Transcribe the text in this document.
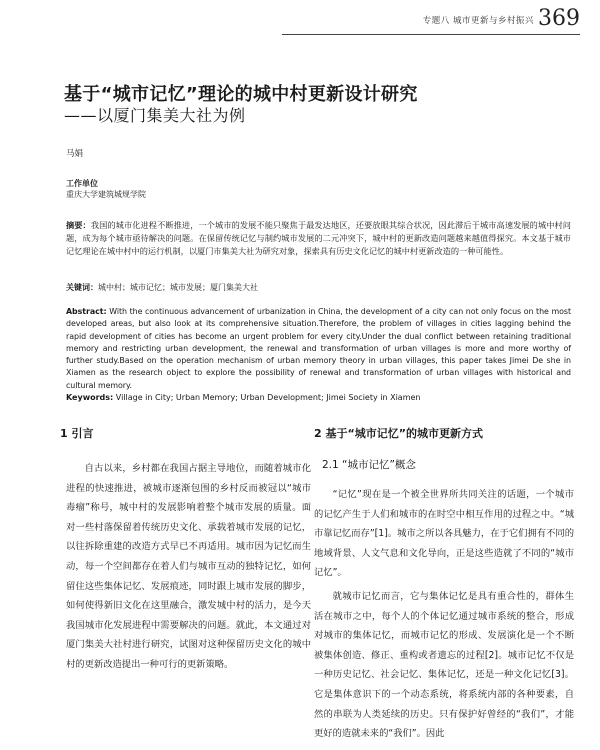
专题八 城市更新与乡村振兴 369
基于“城市记忆”理论的城中村更新设计研究
——以厦门集美大社为例
马娟
工作单位
重庆大学建筑城规学院
摘要：我国的城市化进程不断推进，一个城市的发展不能只聚焦于最发达地区，还要放眼其综合状况，因此滞后于城市高速发展的城中村问题，成为每个城市亟待解决的问题。在保留传统记忆与制约城市发展的二元冲突下，城中村的更新改造问题越来越值得探究。本文基于城市记忆理论在城中村中的运行机制，以厦门市集美大社为研究对象，探索具有历史文化记忆的城中村更新改造的一种可能性。
关键词：城中村；城市记忆；城市发展；厦门集美大社
Abstract: With the continuous advancement of urbanization in China, the development of a city can not only focus on the most developed areas, but also look at its comprehensive situation.Therefore, the problem of villages in cities lagging behind the rapid development of cities has become an urgent problem for every city.Under the dual conflict between retaining traditional memory and restricting urban development, the renewal and transformation of urban villages is more and more worthy of further study.Based on the operation mechanism of urban memory theory in urban villages, this paper takes Jimei De she in Xiamen as the research object to explore the possibility of renewal and transformation of urban villages with historical and cultural memory.
Keywords: Village in City; Urban Memory; Urban Development; Jimei Society in Xiamen
1 引言

自古以来，乡村都在我国占据主导地位，而随着城市化进程的快速推进，被城市逐渐包围的乡村反而被冠以“城市毒瘤”称号，城中村的发展影响着整个城市发展的质量。面对一些村落保留着传统历史文化、承载着城市发展的记忆，以往拆除重建的改造方式早已不再适用。城市因为记忆而生动，每一个空间都存在着人们与城市互动的独特记忆，如何留住这些集体记忆、发展痕迹，同时跟上城市发展的脚步，如何使得新旧文化在这里融合，激发城中村的活力，是今天我国城市化发展进程中需要解决的问题。就此，本文通过对厦门集美大社村进行研究，试图对这种保留历史文化的城中村的更新改造提出一种可行的更新策略。

2 基于“城市记忆”的城市更新方式
2.1 “城市记忆”概念

“记忆”现在是一个被全世界所共同关注的话题，一个城市的记忆产生于人们和城市的在时空中相互作用的过程之中。“城市靠记忆而存”[1]。城市之所以各具魅力，在于它们拥有不同的地域背景、人文气息和文化导向，正是这些造就了不同的“城市记忆”。

就城市记忆而言，它与集体记忆是具有重合性的，群体生活在城市之中，每个人的个体记忆通过城市系统的整合，形成对城市的集体记忆，而城市记忆的形成、发展演化是一个不断被集体创造、修正、重构或者遗忘的过程[2]。城市记忆不仅是一种历史记忆、社会记忆、集体记忆，还是一种文化记忆[3]。它是集体意识下的一个动态系统，将系统内部的各种要素，自然的串联为人类延续的历史。只有保护好曾经的“我们”，才能更好的造就未来的“我们”。因此
